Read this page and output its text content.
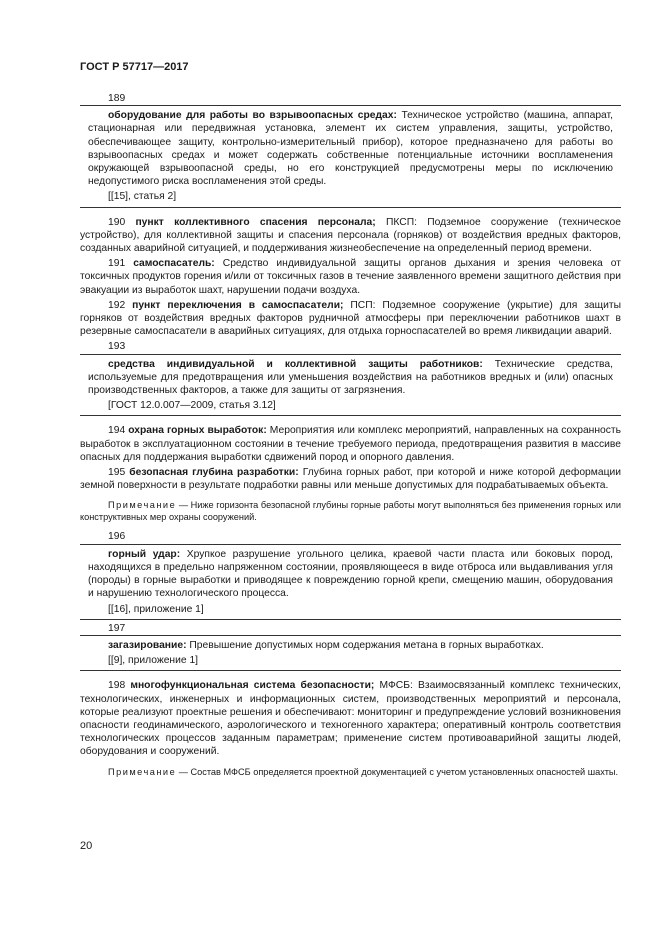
ГОСТ Р 57717—2017
189
оборудование для работы во взрывоопасных средах: Техническое устройство (машина, аппарат, стационарная или передвижная установка, элемент их систем управления, защиты, устройство, обеспечивающее защиту, контрольно-измерительный прибор), которое предназначено для работы во взрывоопасных средах и может содержать собственные потенциальные источники воспламенения окружающей взрывоопасной среды, но его конструкцией предусмотрены меры по исключению недопустимого риска воспламенения этой среды.
[[15], статья 2]
190 пункт коллективного спасения персонала; ПКСП: Подземное сооружение (техническое устройство), для коллективной защиты и спасения персонала (горняков) от воздействия вредных факторов, созданных аварийной ситуацией, и поддерживания жизнеобеспечение на определенный период времени.
191 самоспасатель: Средство индивидуальной защиты органов дыхания и зрения человека от токсичных продуктов горения и/или от токсичных газов в течение заявленного времени защитного действия при эвакуации из выработок шахт, нарушении подачи воздуха.
192 пункт переключения в самоспасатели; ПСП: Подземное сооружение (укрытие) для защиты горняков от воздействия вредных факторов рудничной атмосферы при переключении работников шахт в резервные самоспасатели в аварийных ситуациях, для отдыха горноспасателей во время ликвидации аварий.
193
средства индивидуальной и коллективной защиты работников: Технические средства, используемые для предотвращения или уменьшения воздействия на работников вредных и (или) опасных производственных факторов, а также для защиты от загрязнения.
[ГОСТ 12.0.007—2009, статья 3.12]
194 охрана горных выработок: Мероприятия или комплекс мероприятий, направленных на сохранность выработок в эксплуатационном состоянии в течение требуемого периода, предотвращения развития в массиве опасных для поддержания выработки сдвижений пород и опорного давления.
195 безопасная глубина разработки: Глубина горных работ, при которой и ниже которой деформации земной поверхности в результате подработки равны или меньше допустимых для подрабатываемых объекта.
Примечание — Ниже горизонта безопасной глубины горные работы могут выполняться без применения горных или конструктивных мер охраны сооружений.
196
горный удар: Хрупкое разрушение угольного целика, краевой части пласта или боковых пород, находящихся в предельно напряженном состоянии, проявляющееся в виде отброса или выдавливания угля (породы) в горные выработки и приводящее к повреждению горной крепи, смещению машин, оборудования и нарушению технологического процесса.
[[16], приложение 1]
197
загазирование: Превышение допустимых норм содержания метана в горных выработках.
[[9], приложение 1]
198 многофункциональная система безопасности; МФСБ: Взаимосвязанный комплекс технических, технологических, инженерных и информационных систем, производственных мероприятий и персонала, которые реализуют проектные решения и обеспечивают: мониторинг и предупреждение условий возникновения опасности геодинамического, аэрологического и техногенного характера; оперативный контроль соответствия технологических процессов заданным параметрам; применение систем противоаварийной защиты людей, оборудования и сооружений.
Примечание — Состав МФСБ определяется проектной документацией с учетом установленных опасностей шахты.
20
